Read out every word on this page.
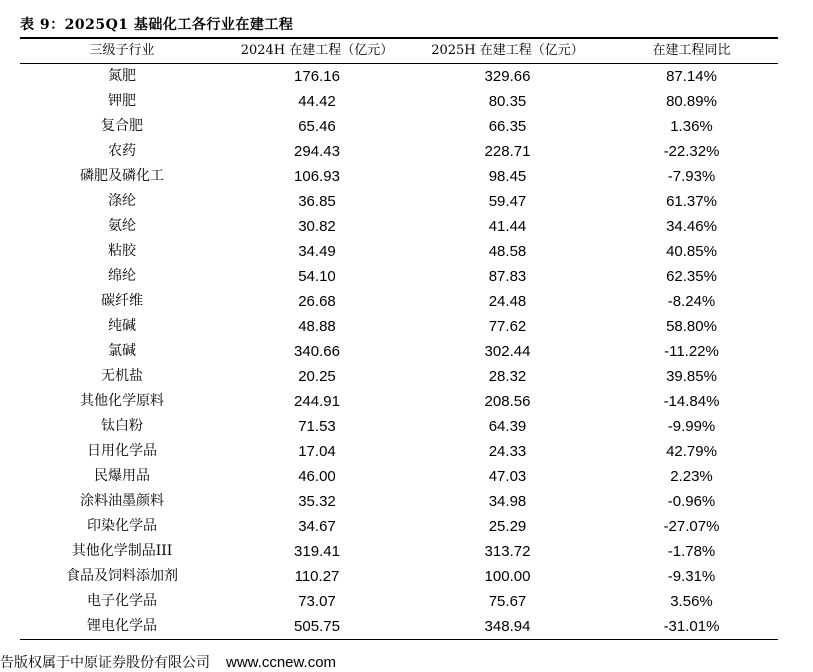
表 9：2025Q1 基础化工各行业在建工程
三级子行业	2024H 在建工程（亿元）	2025H 在建工程（亿元）	在建工程同比
氮肥	176.16	329.66	87.14%
钾肥	44.42	80.35	80.89%
复合肥	65.46	66.35	1.36%
农药	294.43	228.71	-22.32%
磷肥及磷化工	106.93	98.45	-7.93%
涤纶	36.85	59.47	61.37%
氨纶	30.82	41.44	34.46%
粘胶	34.49	48.58	40.85%
绵纶	54.10	87.83	62.35%
碳纤维	26.68	24.48	-8.24%
纯碱	48.88	77.62	58.80%
氯碱	340.66	302.44	-11.22%
无机盐	20.25	28.32	39.85%
其他化学原料	244.91	208.56	-14.84%
钛白粉	71.53	64.39	-9.99%
日用化学品	17.04	24.33	42.79%
民爆用品	46.00	47.03	2.23%
涂料油墨颜料	35.32	34.98	-0.96%
印染化学品	34.67	25.29	-27.07%
其他化学制品III	319.41	313.72	-1.78%
食品及饲料添加剂	110.27	100.00	-9.31%
电子化学品	73.07	75.67	3.56%
锂电化学品	505.75	348.94	-31.01%
告版权属于中原证券股份有限公司 www.ccnew.com
